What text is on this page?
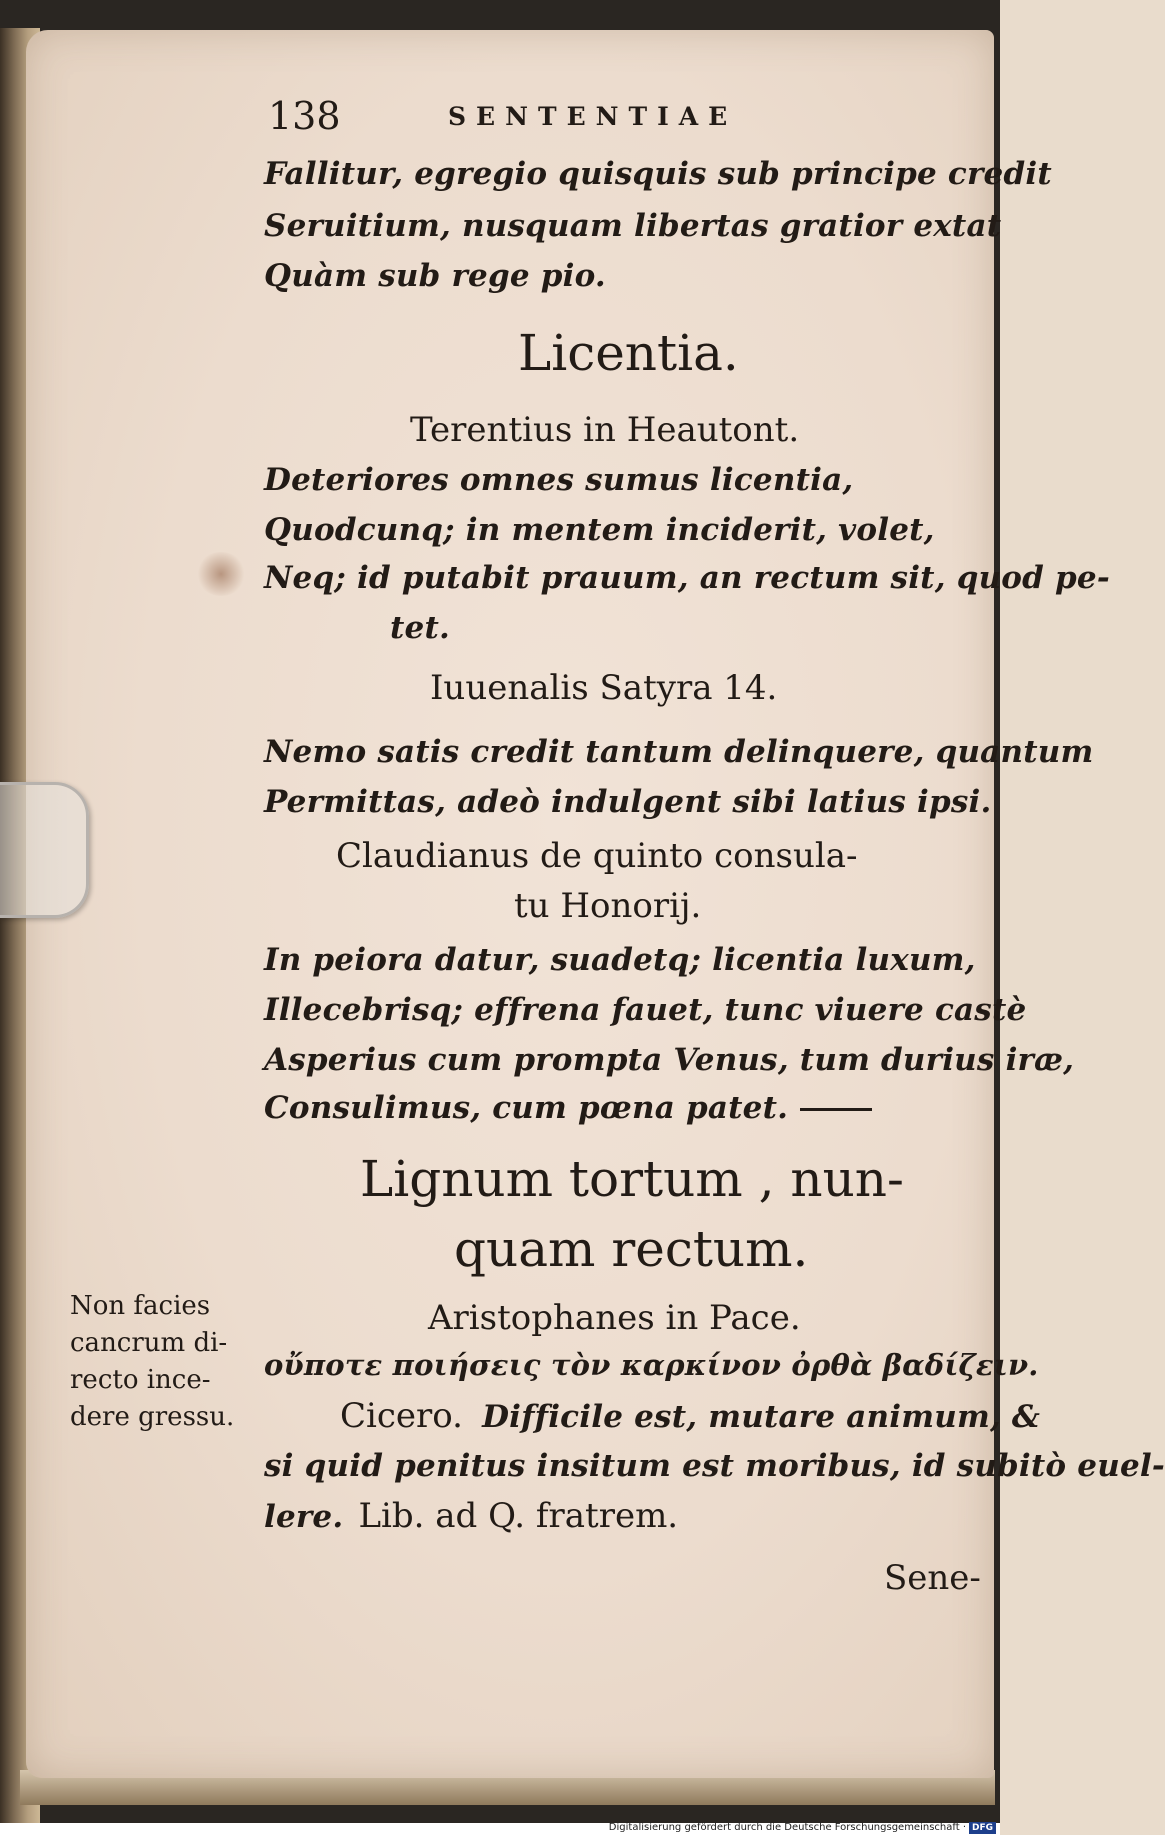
138	SENTENTIAE
Fallitur, egregio quisquis sub principe credit
Seruitium, nusquam libertas gratior extat
Quàm sub rege pio.
Licentia.
Terentius in Heautont.
Deteriores omnes sumus licentia,
Quodcunq; in mentem inciderit, volet,
Neq; id putabit prauum, an rectum sit, quod pe-
tet.
Iuuenalis Satyra 14.
Nemo satis credit tantum delinquere, quantum
Permittas, adeò indulgent sibi latius ipsi.
Claudianus de quinto consula-
tu Honorij.
In peiora datur, suadetq; licentia luxum,
Illecebrisq; effrena fauet, tunc viuere castè
Asperius cum prompta Venus, tum durius iræ,
Consulimus, cum pœna patet.
Lignum tortum , nun-
quam rectum.
Non facies
cancrum di-
recto ince-
dere gressu.
Aristophanes in Pace.
οὔποτε ποιήσεις τὸν καρκίνον ὀρθὰ βαδίζειν.
Cicero. Difficile est, mutare animum, &
si quid penitus insitum est moribus, id subitò euel-
lere. Lib. ad Q. fratrem.
Sene-
Digitalisierung gefördert durch die Deutsche Forschungsgemeinschaft · DFG
